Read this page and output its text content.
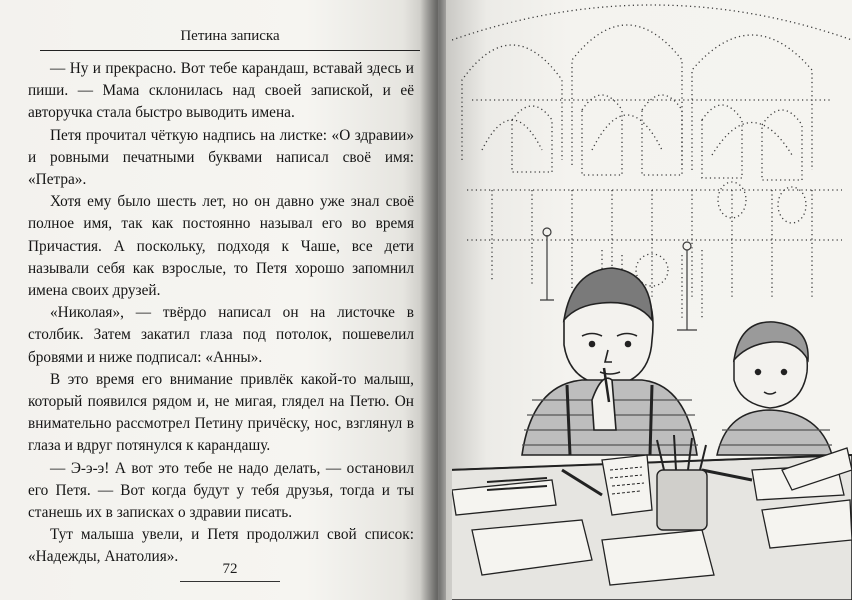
Петина записка

— Ну и прекрасно. Вот тебе карандаш, вставай здесь и пиши. — Мама склонилась над своей запиской, и её авторучка стала быстро выводить имена.

Петя прочитал чёткую надпись на листке: «О здравии» и ровными печатными буквами написал своё имя: «Петра».

Хотя ему было шесть лет, но он давно уже знал своё полное имя, так как постоянно называл его во время Причастия. А поскольку, подходя к Чаше, все дети называли себя как взрослые, то Петя хорошо запомнил имена своих друзей.

«Николая», — твёрдо написал он на листочке в столбик. Затем закатил глаза под потолок, пошевелил бровями и ниже подписал: «Анны».

В это время его внимание привлёк какой-то малыш, который появился рядом и, не мигая, глядел на Петю. Он внимательно рассмотрел Петину причёску, нос, взглянул в глаза и вдруг потянулся к карандашу.

— Э-э-э! А вот это тебе не надо делать, — остановил его Петя. — Вот когда будут у тебя друзья, тогда и ты станешь их в записках о здравии писать.

Тут малыша увели, и Петя продолжил свой список: «Надежды, Анатолия».

72
